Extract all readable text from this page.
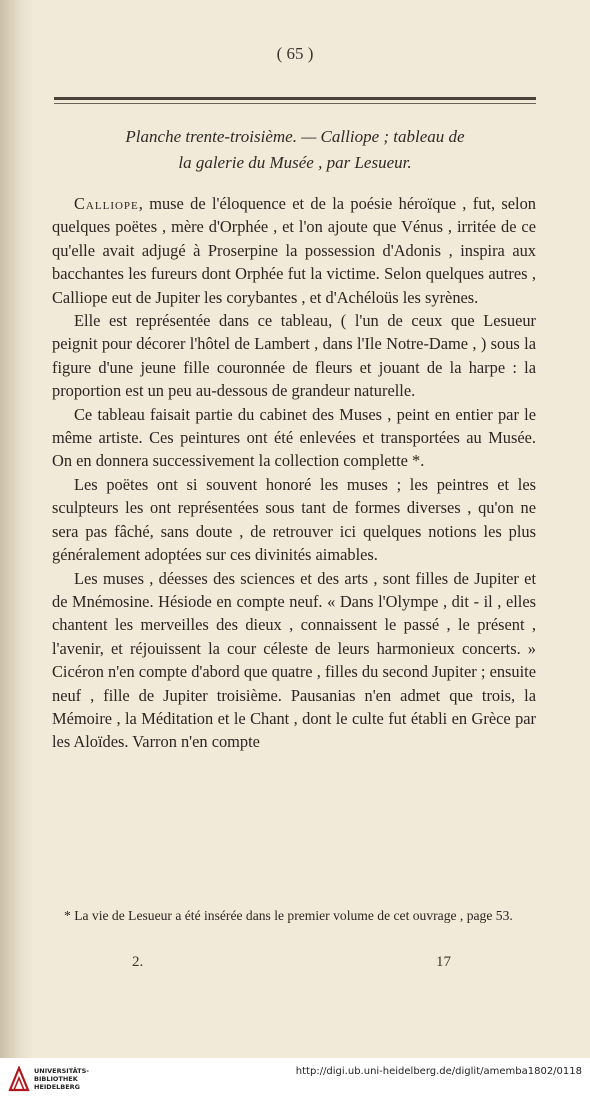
( 65 )
Planche trente-troisième. — Calliope ; tableau de
la galerie du Musée , par Lesueur.

Calliope, muse de l'éloquence et de la poésie héroïque , fut, selon quelques poëtes , mère d'Orphée , et l'on ajoute que Vénus , irritée de ce qu'elle avait adjugé à Proserpine la possession d'Adonis , inspira aux bacchantes les fureurs dont Orphée fut la victime. Selon quelques autres , Calliope eut de Jupiter les corybantes , et d'Achéloüs les syrènes.

Elle est représentée dans ce tableau, ( l'un de ceux que Lesueur peignit pour décorer l'hôtel de Lambert , dans l'Ile Notre-Dame , ) sous la figure d'une jeune fille couronnée de fleurs et jouant de la harpe : la proportion est un peu au-dessous de grandeur naturelle.

Ce tableau faisait partie du cabinet des Muses , peint en entier par le même artiste. Ces peintures ont été enlevées et transportées au Musée. On en donnera successivement la collection complette *.

Les poëtes ont si souvent honoré les muses ; les peintres et les sculpteurs les ont représentées sous tant de formes diverses , qu'on ne sera pas fâché, sans doute , de retrouver ici quelques notions les plus généralement adoptées sur ces divinités aimables.

Les muses , déesses des sciences et des arts , sont filles de Jupiter et de Mnémosine. Hésiode en compte neuf. « Dans l'Olympe , dit - il , elles chantent les merveilles des dieux , connaissent le passé , le présent , l'avenir, et réjouissent la cour céleste de leurs harmonieux concerts. » Cicéron n'en compte d'abord que quatre , filles du second Jupiter ; ensuite neuf , fille de Jupiter troisième. Pausanias n'en admet que trois, la Mémoire , la Méditation et le Chant , dont le culte fut établi en Grèce par les Aloïdes. Varron n'en compte

* La vie de Lesueur a été insérée dans le premier volume de cet ouvrage , page 53.

2.	17
UNIVERSITÄTS-
BIBLIOTHEK
HEIDELBERG
http://digi.ub.uni-heidelberg.de/diglit/amemba1802/0118
